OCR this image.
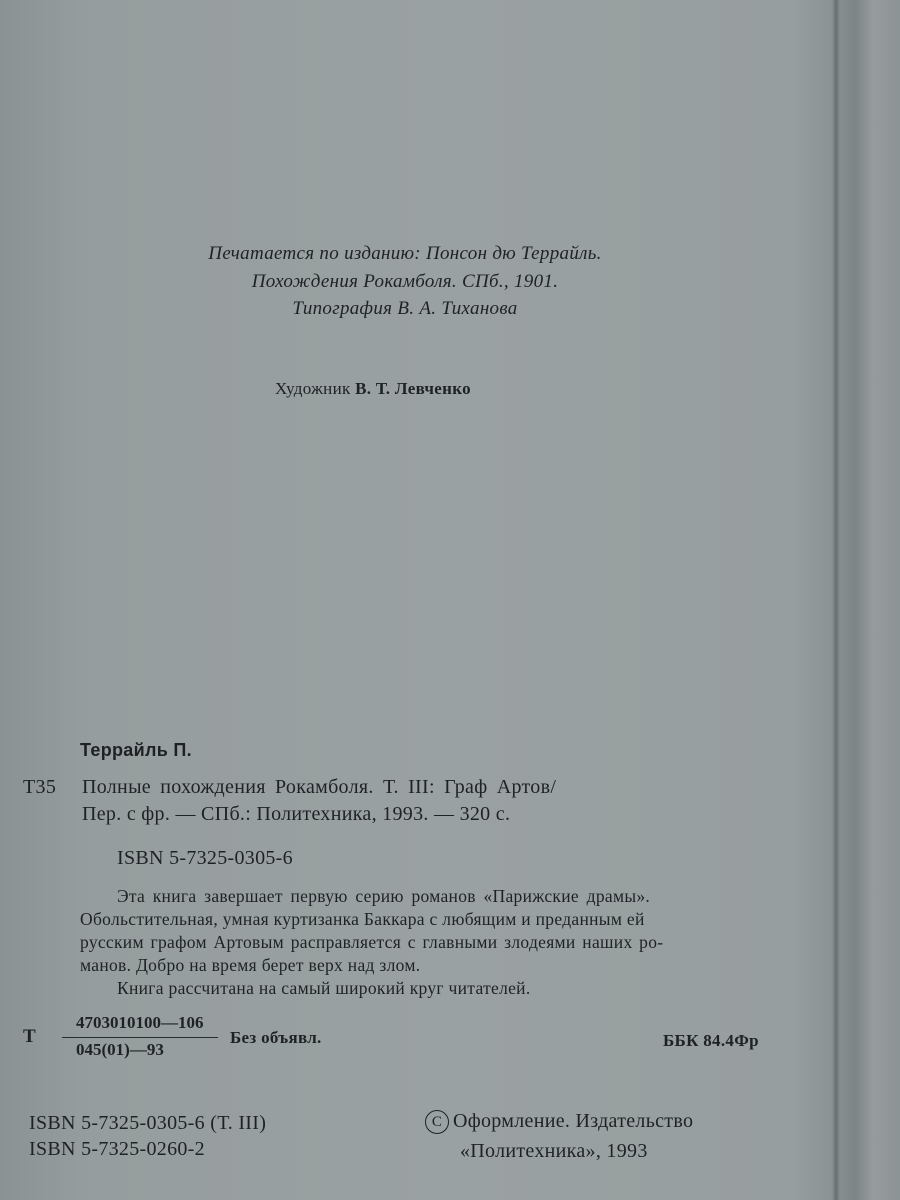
Печатается по изданию: Понсон дю Террайль.
Похождения Рокамболя. СПб., 1901.
Типография В. А. Тиханова
Художник В. Т. Левченко
Террайль П.
Т35 Полные похождения Рокамболя. Т. III: Граф Артов/
Пер. с фр. — СПб.: Политехника, 1993. — 320 с.
ISBN 5-7325-0305-6
Эта книга завершает первую серию романов «Парижские драмы».
Обольстительная, умная куртизанка Баккара с любящим и преданным ей
русским графом Артовым расправляется с главными злодеями наших ро-
манов. Добро на время берет верх над злом.
Книга рассчитана на самый широкий круг читателей.
Т
4703010100—106
045(01)—93
Без объявл.	ББК 84.4Фр
ISBN 5-7325-0305-6 (Т. III)
ISBN 5-7325-0260-2
C Оформление. Издательство
«Политехника», 1993
